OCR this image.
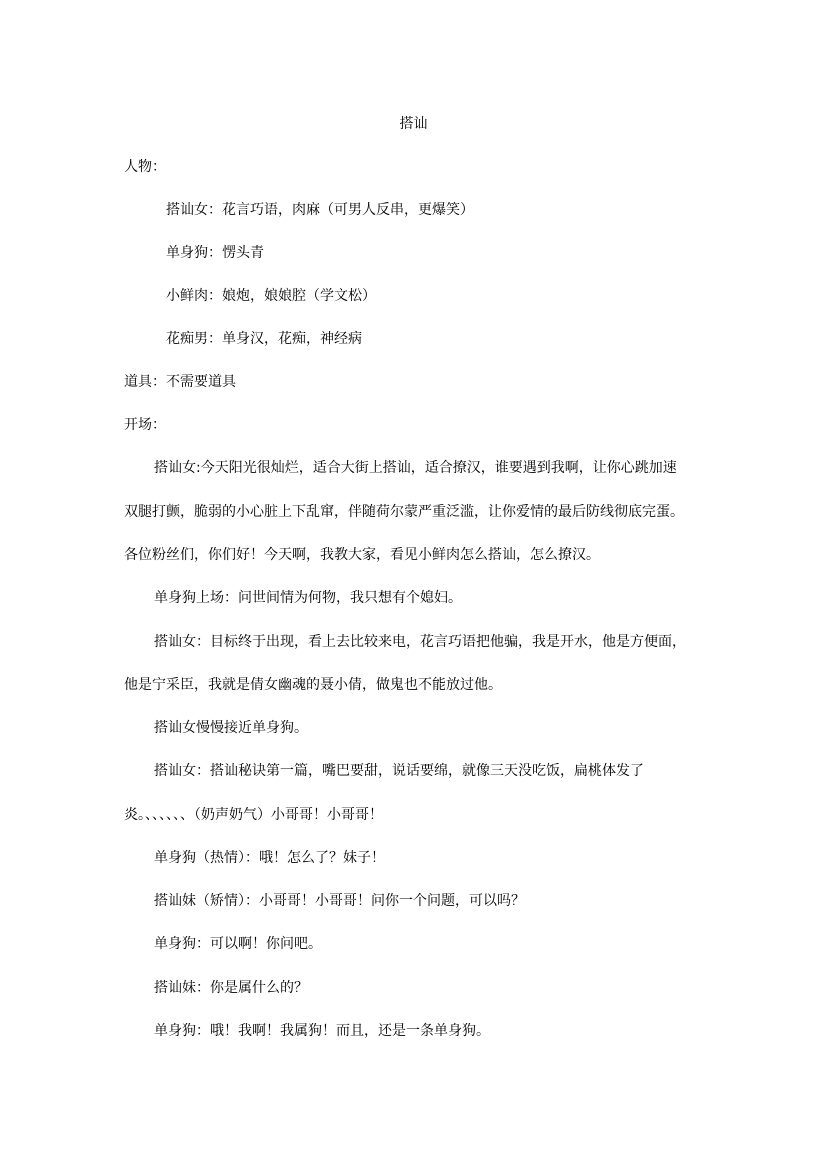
搭讪
人物：
搭讪女：花言巧语，肉麻（可男人反串，更爆笑）
单身狗：愣头青
小鲜肉：娘炮，娘娘腔（学文松）
花痴男：单身汉，花痴，神经病
道具：不需要道具
开场：
搭讪女:今天阳光很灿烂，适合大街上搭讪，适合撩汉，谁要遇到我啊，让你心跳加速
双腿打颤，脆弱的小心脏上下乱窜，伴随荷尔蒙严重泛滥，让你爱情的最后防线彻底完蛋。
各位粉丝们，你们好！今天啊，我教大家，看见小鲜肉怎么搭讪，怎么撩汉。
单身狗上场：问世间情为何物，我只想有个媳妇。
搭讪女：目标终于出现，看上去比较来电，花言巧语把他骗，我是开水，他是方便面，
他是宁采臣，我就是倩女幽魂的聂小倩，做鬼也不能放过他。
搭讪女慢慢接近单身狗。
搭讪女：搭讪秘诀第一篇，嘴巴要甜，说话要绵，就像三天没吃饭，扁桃体发了
炎。、、、、、、（奶声奶气）小哥哥！小哥哥！
单身狗（热情）：哦！怎么了？妹子！
搭讪妹（矫情）：小哥哥！小哥哥！问你一个问题，可以吗？
单身狗：可以啊！你问吧。
搭讪妹：你是属什么的？
单身狗：哦！我啊！我属狗！而且，还是一条单身狗。
